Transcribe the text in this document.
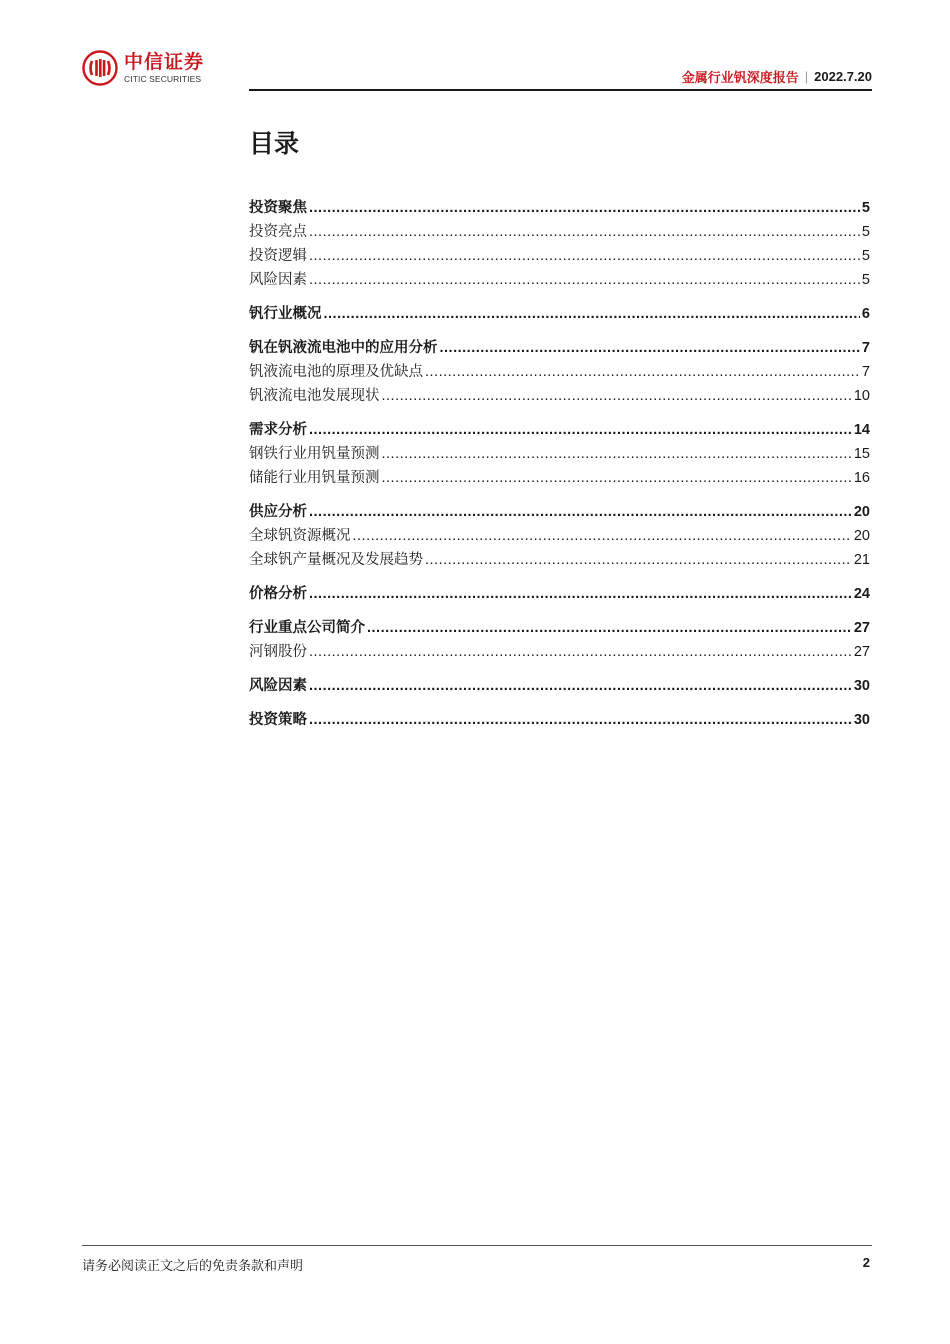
中信证券
CITIC SECURITIES	金属行业钒深度报告 | 2022.7.20
目录
投资聚焦 .....	5
投资亮点 .....	5
投资逻辑 .....	5
风险因素 .....	5
钒行业概况 .....	6
钒在钒液流电池中的应用分析 .....	7
钒液流电池的原理及优缺点 .....	7
钒液流电池发展现状 .....	10
需求分析 .....	14
钢铁行业用钒量预测 .....	15
储能行业用钒量预测 .....	16
供应分析 .....	20
全球钒资源概况 .....	20
全球钒产量概况及发展趋势 .....	21
价格分析 .....	24
行业重点公司简介 .....	27
河钢股份 .....	27
风险因素 .....	30
投资策略 .....	30
请务必阅读正文之后的免责条款和声明	2
